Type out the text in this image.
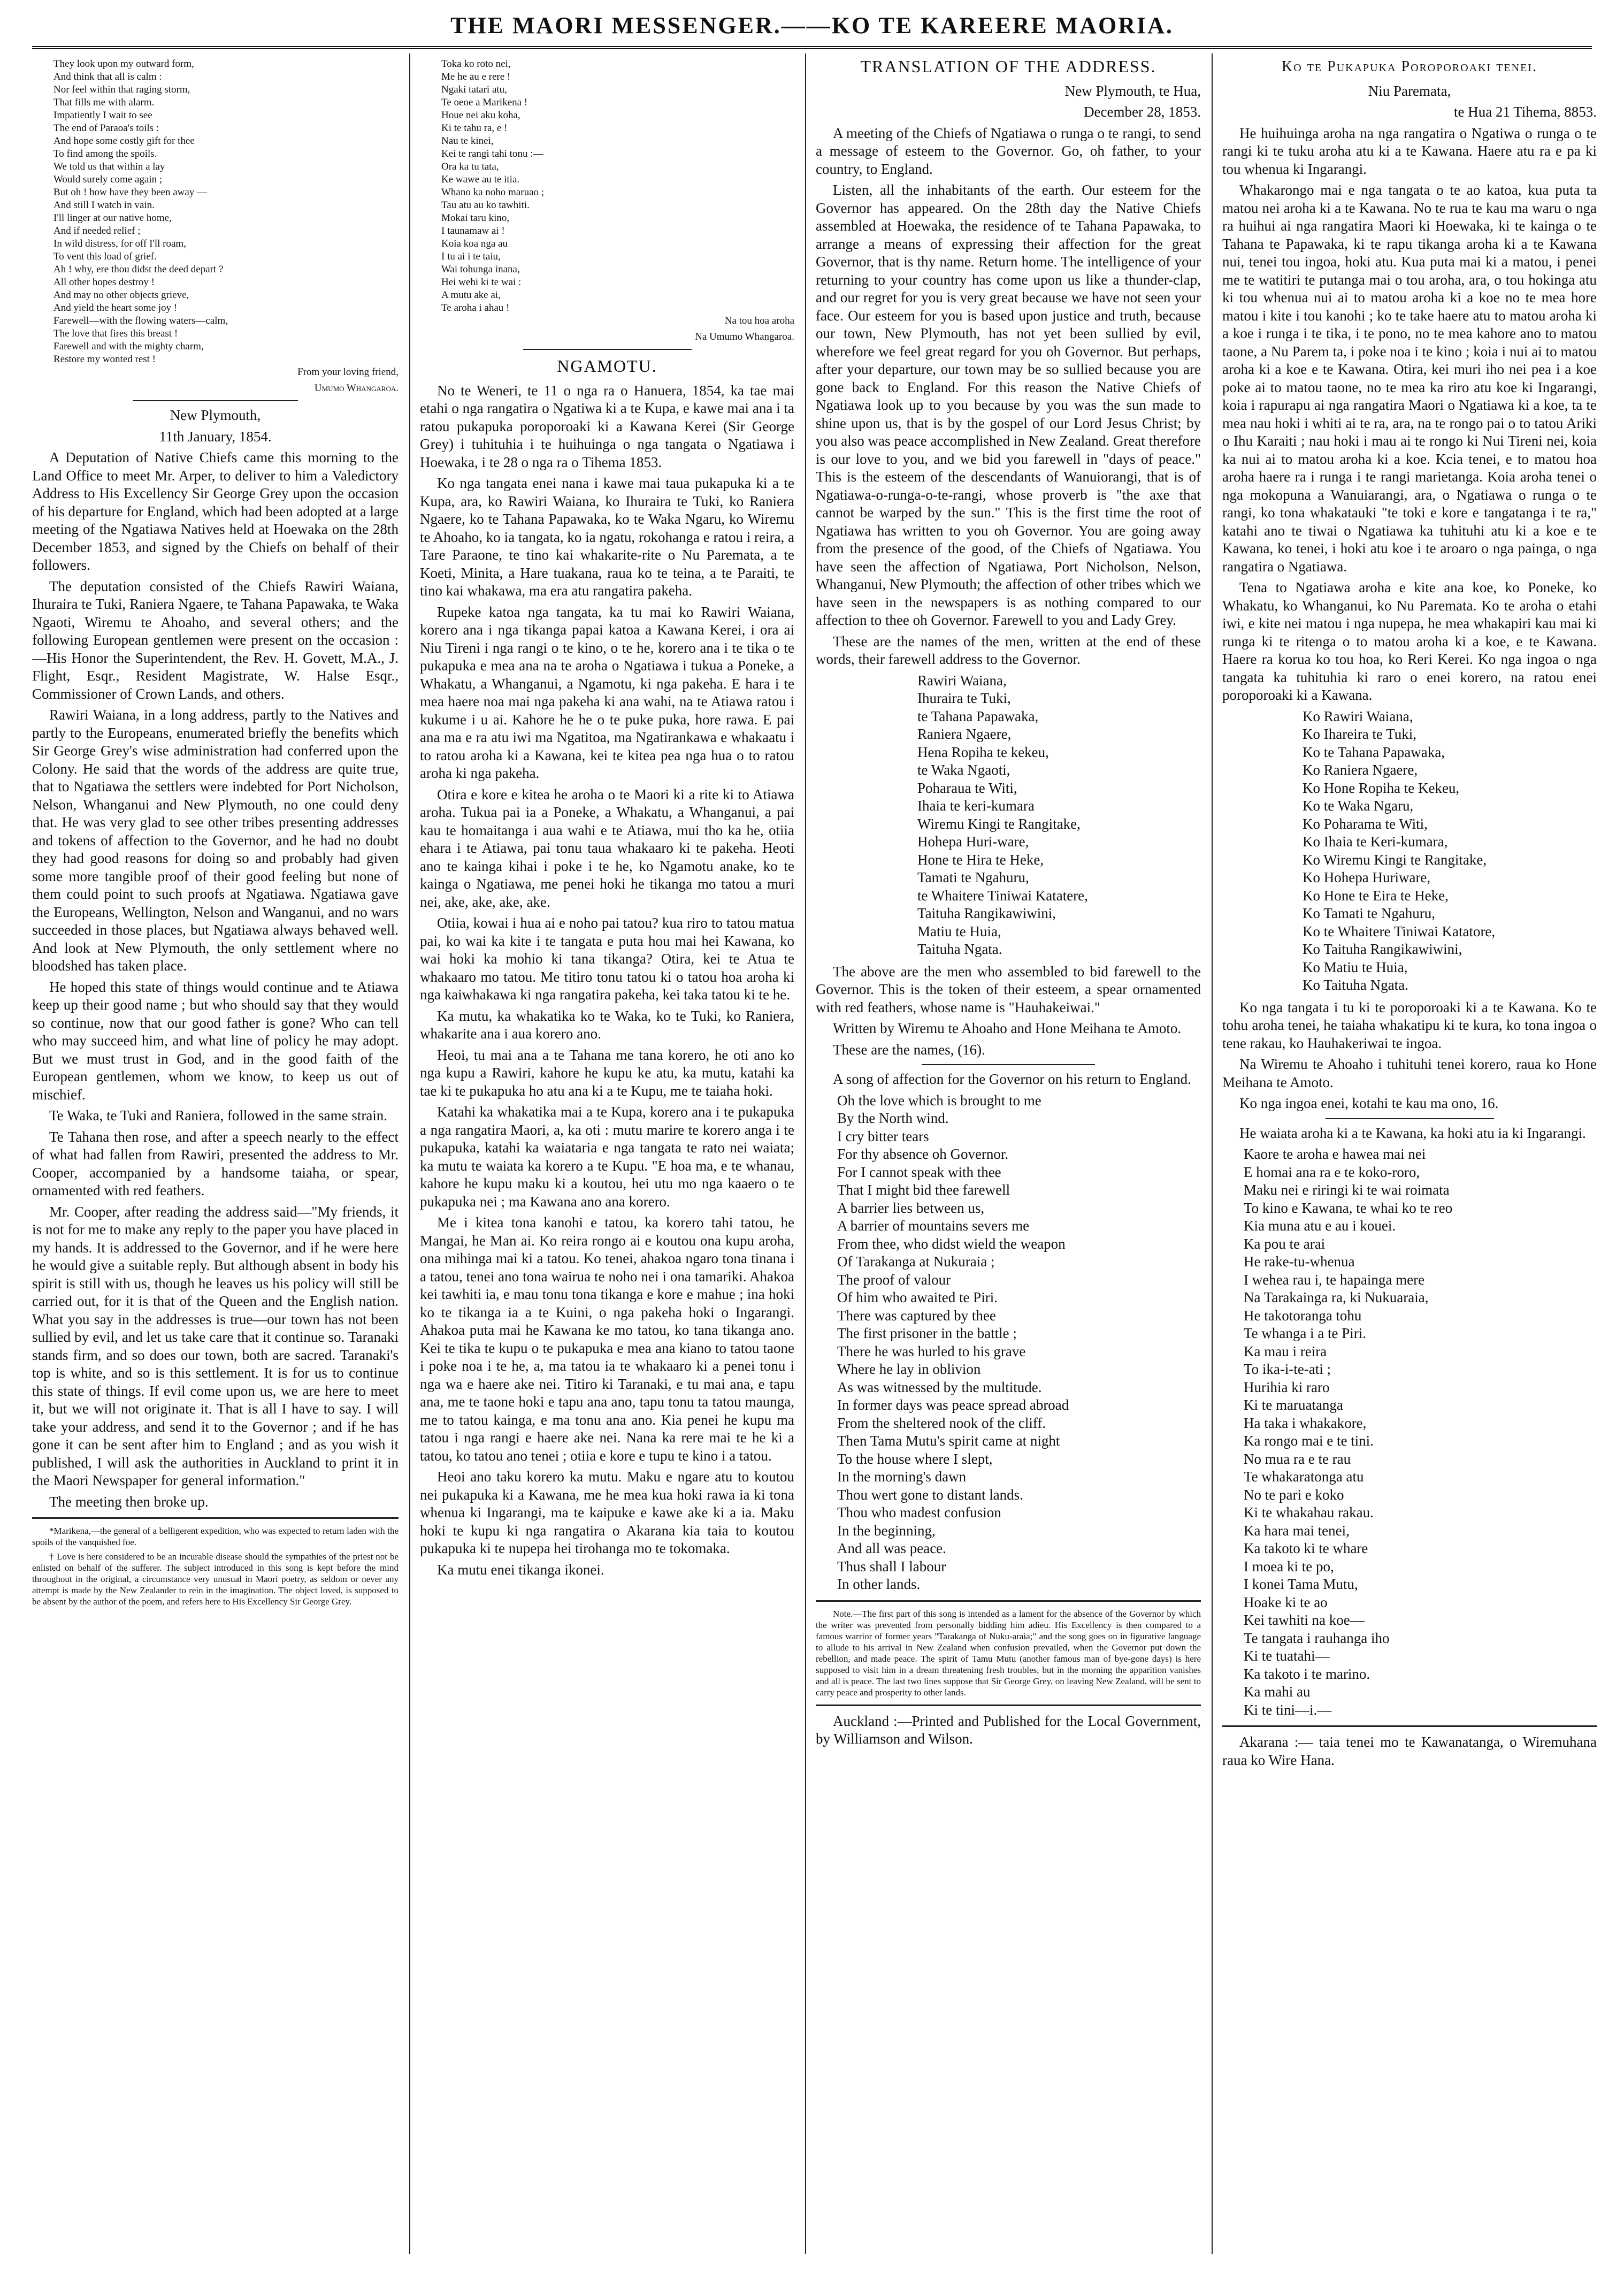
THE MAORI MESSENGER.——KO TE KAREERE MAORIA.
They look upon my outward form,
And think that all is calm :
Nor feel within that raging storm,
That fills me with alarm.
Impatiently I wait to see
The end of Paraoa's toils :
And hope some costly gift for thee
To find among the spoils.
We told us that within a lay
Would surely come again ;
But oh ! how have they been away —
And still I watch in vain.
I'll linger at our native home,
And if needed relief ;
In wild distress, for off I'll roam,
To vent this load of grief.
Ah ! why, ere thou didst the deed depart ?
All other hopes destroy !
And may no other objects grieve,
And yield the heart some joy !
Farewell—with the flowing waters—calm,
The love that fires this breast !
Farewell and with the mighty charm,
Restore my wonted rest !

From your loving friend,

Umumo Whangaroa.

New Plymouth,

11th January, 1854.

A Deputation of Native Chiefs came this morning to the Land Office to meet Mr. Arper, to deliver to him a Valedictory Address to His Excellency Sir George Grey upon the occasion of his departure for England, which had been adopted at a large meeting of the Ngatiawa Natives held at Hoewaka on the 28th December 1853, and signed by the Chiefs on behalf of their followers.

The deputation consisted of the Chiefs Rawiri Waiana, Ihuraira te Tuki, Raniera Ngaere, te Tahana Papawaka, te Waka Ngaoti, Wiremu te Ahoaho, and several others; and the following European gentlemen were present on the occasion :—His Honor the Superintendent, the Rev. H. Govett, M.A., J. Flight, Esqr., Resident Magistrate, W. Halse Esqr., Commissioner of Crown Lands, and others.

Rawiri Waiana, in a long address, partly to the Natives and partly to the Europeans, enumerated briefly the benefits which Sir George Grey's wise administration had conferred upon the Colony. He said that the words of the address are quite true, that to Ngatiawa the settlers were indebted for Port Nicholson, Nelson, Whanganui and New Plymouth, no one could deny that. He was very glad to see other tribes presenting addresses and tokens of affection to the Governor, and he had no doubt they had good reasons for doing so and probably had given some more tangible proof of their good feeling but none of them could point to such proofs at Ngatiawa. Ngatiawa gave the Europeans, Wellington, Nelson and Wanganui, and no wars succeeded in those places, but Ngatiawa always behaved well. And look at New Plymouth, the only settlement where no bloodshed has taken place.

He hoped this state of things would continue and te Atiawa keep up their good name ; but who should say that they would so continue, now that our good father is gone? Who can tell who may succeed him, and what line of policy he may adopt. But we must trust in God, and in the good faith of the European gentlemen, whom we know, to keep us out of mischief.

Te Waka, te Tuki and Raniera, followed in the same strain.

Te Tahana then rose, and after a speech nearly to the effect of what had fallen from Rawiri, presented the address to Mr. Cooper, accompanied by a handsome taiaha, or spear, ornamented with red feathers.

Mr. Cooper, after reading the address said—"My friends, it is not for me to make any reply to the paper you have placed in my hands. It is addressed to the Governor, and if he were here he would give a suitable reply. But although absent in body his spirit is still with us, though he leaves us his policy will still be carried out, for it is that of the Queen and the English nation. What you say in the addresses is true—our town has not been sullied by evil, and let us take care that it continue so. Taranaki stands firm, and so does our town, both are sacred. Taranaki's top is white, and so is this settlement. It is for us to continue this state of things. If evil come upon us, we are here to meet it, but we will not originate it. That is all I have to say. I will take your address, and send it to the Governor ; and if he has gone it can be sent after him to England ; and as you wish it published, I will ask the authorities in Auckland to print it in the Maori Newspaper for general information."

The meeting then broke up.

*Marikena,—the general of a belligerent expedition, who was expected to return laden with the spoils of the vanquished foe.

† Love is here considered to be an incurable disease should the sympathies of the priest not be enlisted on behalf of the sufferer. The subject introduced in this song is kept before the mind throughout in the original, a circumstance very unusual in Maori poetry, as seldom or never any attempt is made by the New Zealander to rein in the imagination. The object loved, is supposed to be absent by the author of the poem, and refers here to His Excellency Sir George Grey.

Toka ko roto nei,
Me he au e rere !
Ngaki tatari atu,
Te oeoe a Marikena !
Houe nei aku koha,
Ki te tahu ra, e !
Nau te kinei,
Kei te rangi tahi tonu :—
Ora ka tu tata,
Ke wawe au te itia.
Whano ka noho maruao ;
Tau atu au ko tawhiti.
Mokai taru kino,
I taunamaw ai !
Koia koa nga au
I tu ai i te taiu,
Wai tohunga inana,
Hei wehi ki te wai :
A mutu ake ai,
Te aroha i ahau !

Na tou hoa aroha

Na Umumo Whangaroa.

NGAMOTU.

No te Weneri, te 11 o nga ra o Hanuera, 1854, ka tae mai etahi o nga rangatira o Ngatiwa ki a te Kupa, e kawe mai ana i ta ratou pukapuka poroporoaki ki a Kawana Kerei (Sir George Grey) i tuhituhia i te huihuinga o nga tangata o Ngatiawa i Hoewaka, i te 28 o nga ra o Tihema 1853.

Ko nga tangata enei nana i kawe mai taua pukapuka ki a te Kupa, ara, ko Rawiri Waiana, ko Ihuraira te Tuki, ko Raniera Ngaere, ko te Tahana Papawaka, ko te Waka Ngaru, ko Wiremu te Ahoaho, ko ia tangata, ko ia ngatu, rokohanga e ratou i reira, a Tare Paraone, te tino kai whakarite-rite o Nu Paremata, a te Koeti, Minita, a Hare tuakana, raua ko te teina, a te Paraiti, te tino kai whakawa, ma era atu rangatira pakeha.

Rupeke katoa nga tangata, ka tu mai ko Rawiri Waiana, korero ana i nga tikanga papai katoa a Kawana Kerei, i ora ai Niu Tireni i nga rangi o te kino, o te he, korero ana i te tika o te pukapuka e mea ana na te aroha o Ngatiawa i tukua a Poneke, a Whakatu, a Whanganui, a Ngamotu, ki nga pakeha. E hara i te mea haere noa mai nga pakeha ki ana wahi, na te Atiawa ratou i kukume i u ai. Kahore he he o te puke puka, hore rawa. E pai ana ma e ra atu iwi ma Ngatitoa, ma Ngatirankawa e whakaatu i to ratou aroha ki a Kawana, kei te kitea pea nga hua o to ratou aroha ki nga pakeha.

Otira e kore e kitea he aroha o te Maori ki a rite ki to Atiawa aroha. Tukua pai ia a Poneke, a Whakatu, a Whanganui, a pai kau te homaitanga i aua wahi e te Atiawa, mui tho ka he, otiia ehara i te Atiawa, pai tonu taua whakaaro ki te pakeha. Heoti ano te kainga kihai i poke i te he, ko Ngamotu anake, ko te kainga o Ngatiawa, me penei hoki he tikanga mo tatou a muri nei, ake, ake, ake, ake.

Otiia, kowai i hua ai e noho pai tatou? kua riro to tatou matua pai, ko wai ka kite i te tangata e puta hou mai hei Kawana, ko wai hoki ka mohio ki tana tikanga? Otira, kei te Atua te whakaaro mo tatou. Me titiro tonu tatou ki o tatou hoa aroha ki nga kaiwhakawa ki nga rangatira pakeha, kei taka tatou ki te he.

Ka mutu, ka whakatika ko te Waka, ko te Tuki, ko Raniera, whakarite ana i aua korero ano.

Heoi, tu mai ana a te Tahana me tana korero, he oti ano ko nga kupu a Rawiri, kahore he kupu ke atu, ka mutu, katahi ka tae ki te pukapuka ho atu ana ki a te Kupu, me te taiaha hoki.

Katahi ka whakatika mai a te Kupa, korero ana i te pukapuka a nga rangatira Maori, a, ka oti : mutu marire te korero anga i te pukapuka, katahi ka waiataria e nga tangata te rato nei waiata; ka mutu te waiata ka korero a te Kupu. "E hoa ma, e te whanau, kahore he kupu maku ki a koutou, hei utu mo nga kaaero o te pukapuka nei ; ma Kawana ano ana korero.

Me i kitea tona kanohi e tatou, ka korero tahi tatou, he Mangai, he Man ai. Ko reira rongo ai e koutou ona kupu aroha, ona mihinga mai ki a tatou. Ko tenei, ahakoa ngaro tona tinana i a tatou, tenei ano tona wairua te noho nei i ona tamariki. Ahakoa kei tawhiti ia, e mau tonu tona tikanga e kore e mahue ; ina hoki ko te tikanga ia a te Kuini, o nga pakeha hoki o Ingarangi. Ahakoa puta mai he Kawana ke mo tatou, ko tana tikanga ano. Kei te tika te kupu o te pukapuka e mea ana kiano to tatou taone i poke noa i te he, a, ma tatou ia te whakaaro ki a penei tonu i nga wa e haere ake nei. Titiro ki Taranaki, e tu mai ana, e tapu ana, me te taone hoki e tapu ana ano, tapu tonu ta tatou maunga, me to tatou kainga, e ma tonu ana ano. Kia penei he kupu ma tatou i nga rangi e haere ake nei. Nana ka rere mai te he ki a tatou, ko tatou ano tenei ; otiia e kore e tupu te kino i a tatou.

Heoi ano taku korero ka mutu. Maku e ngare atu to koutou nei pukapuka ki a Kawana, me he mea kua hoki rawa ia ki tona whenua ki Ingarangi, ma te kaipuke e kawe ake ki a ia. Maku hoki te kupu ki nga rangatira o Akarana kia taia to koutou pukapuka ki te nupepa hei tirohanga mo te tokomaka.

Ka mutu enei tikanga ikonei.

TRANSLATION OF THE ADDRESS.

New Plymouth, te Hua,

December 28, 1853.

A meeting of the Chiefs of Ngatiawa o runga o te rangi, to send a message of esteem to the Governor. Go, oh father, to your country, to England.

Listen, all the inhabitants of the earth. Our esteem for the Governor has appeared. On the 28th day the Native Chiefs assembled at Hoewaka, the residence of te Tahana Papawaka, to arrange a means of expressing their affection for the great Governor, that is thy name. Return home. The intelligence of your returning to your country has come upon us like a thunder-clap, and our regret for you is very great because we have not seen your face. Our esteem for you is based upon justice and truth, because our town, New Plymouth, has not yet been sullied by evil, wherefore we feel great regard for you oh Governor. But perhaps, after your departure, our town may be so sullied because you are gone back to England. For this reason the Native Chiefs of Ngatiawa look up to you because by you was the sun made to shine upon us, that is by the gospel of our Lord Jesus Christ; by you also was peace accomplished in New Zealand. Great therefore is our love to you, and we bid you farewell in "days of peace." This is the esteem of the descendants of Wanuiorangi, that is of Ngatiawa-o-runga-o-te-rangi, whose proverb is "the axe that cannot be warped by the sun." This is the first time the root of Ngatiawa has written to you oh Governor. You are going away from the presence of the good, of the Chiefs of Ngatiawa. You have seen the affection of Ngatiawa, Port Nicholson, Nelson, Whanganui, New Plymouth; the affection of other tribes which we have seen in the newspapers is as nothing compared to our affection to thee oh Governor. Farewell to you and Lady Grey.

These are the names of the men, written at the end of these words, their farewell address to the Governor.

Rawiri Waiana,
Ihuraira te Tuki,
te Tahana Papawaka,
Raniera Ngaere,
Hena Ropiha te kekeu,
te Waka Ngaoti,
Poharaua te Witi,
Ihaia te keri-kumara
Wiremu Kingi te Rangitake,
Hohepa Huri-ware,
Hone te Hira te Heke,
Tamati te Ngahuru,
te Whaitere Tiniwai Katatere,
Taituha Rangikawiwini,
Matiu te Huia,
Taituha Ngata.

The above are the men who assembled to bid farewell to the Governor. This is the token of their esteem, a spear ornamented with red feathers, whose name is "Hauhakeiwai."

Written by Wiremu te Ahoaho and Hone Meihana te Amoto.

These are the names, (16).

A song of affection for the Governor on his return to England.

Oh the love which is brought to me
By the North wind.
I cry bitter tears
For thy absence oh Governor.
For I cannot speak with thee
That I might bid thee farewell
A barrier lies between us,
A barrier of mountains severs me
From thee, who didst wield the weapon
Of Tarakanga at Nukuraia ;
The proof of valour
Of him who awaited te Piri.
There was captured by thee
The first prisoner in the battle ;
There he was hurled to his grave
Where he lay in oblivion
As was witnessed by the multitude.
In former days was peace spread abroad
From the sheltered nook of the cliff.
Then Tama Mutu's spirit came at night
To the house where I slept,
In the morning's dawn
Thou wert gone to distant lands.
Thou who madest confusion
In the beginning,
And all was peace.
Thus shall I labour
In other lands.

Note.—The first part of this song is intended as a lament for the absence of the Governor by which the writer was prevented from personally bidding him adieu. His Excellency is then compared to a famous warrior of former years "Tarakanga of Nuku-araia;" and the song goes on in figurative language to allude to his arrival in New Zealand when confusion prevailed, when the Governor put down the rebellion, and made peace. The spirit of Tamu Mutu (another famous man of bye-gone days) is here supposed to visit him in a dream threatening fresh troubles, but in the morning the apparition vanishes and all is peace. The last two lines suppose that Sir George Grey, on leaving New Zealand, will be sent to carry peace and prosperity to other lands.

Auckland :—Printed and Published for the Local Government, by Williamson and Wilson.

Ko te Pukapuka Poroporoaki tenei.

Niu Paremata,

te Hua 21 Tihema, 8853.

He huihuinga aroha na nga rangatira o Ngatiwa o runga o te rangi ki te tuku aroha atu ki a te Kawana. Haere atu ra e pa ki tou whenua ki Ingarangi.

Whakarongo mai e nga tangata o te ao katoa, kua puta ta matou nei aroha ki a te Kawana. No te rua te kau ma waru o nga ra huihui ai nga rangatira Maori ki Hoewaka, ki te kainga o te Tahana te Papawaka, ki te rapu tikanga aroha ki a te Kawana nui, tenei tou ingoa, hoki atu. Kua puta mai ki a matou, i penei me te watitiri te putanga mai o tou aroha, ara, o tou hokinga atu ki tou whenua nui ai to matou aroha ki a koe no te mea hore matou i kite i tou kanohi ; ko te take haere atu to matou aroha ki a koe i runga i te tika, i te pono, no te mea kahore ano to matou taone, a Nu Parem ta, i poke noa i te kino ; koia i nui ai to matou aroha ki a koe e te Kawana. Otira, kei muri iho nei pea i a koe poke ai to matou taone, no te mea ka riro atu koe ki Ingarangi, koia i rapurapu ai nga rangatira Maori o Ngatiawa ki a koe, ta te mea nau hoki i whiti ai te ra, ara, na te rongo pai o to tatou Ariki o Ihu Karaiti ; nau hoki i mau ai te rongo ki Nui Tireni nei, koia ka nui ai to matou aroha ki a koe. Kcia tenei, e to matou hoa aroha haere ra i runga i te rangi marietanga. Koia aroha tenei o nga mokopuna a Wanuiarangi, ara, o Ngatiawa o runga o te rangi, ko tona whakatauki "te toki e kore e tangatanga i te ra," katahi ano te tiwai o Ngatiawa ka tuhituhi atu ki a koe e te Kawana, ko tenei, i hoki atu koe i te aroaro o nga painga, o nga rangatira o Ngatiawa.

Tena to Ngatiawa aroha e kite ana koe, ko Poneke, ko Whakatu, ko Whanganui, ko Nu Paremata. Ko te aroha o etahi iwi, e kite nei matou i nga nupepa, he mea whakapiri kau mai ki runga ki te ritenga o to matou aroha ki a koe, e te Kawana. Haere ra korua ko tou hoa, ko Reri Kerei. Ko nga ingoa o nga tangata ka tuhituhia ki raro o enei korero, na ratou enei poroporoaki ki a Kawana.

Ko Rawiri Waiana,
Ko Ihareira te Tuki,
Ko te Tahana Papawaka,
Ko Raniera Ngaere,
Ko Hone Ropiha te Kekeu,
Ko te Waka Ngaru,
Ko Poharama te Witi,
Ko Ihaia te Keri-kumara,
Ko Wiremu Kingi te Rangitake,
Ko Hohepa Huriware,
Ko Hone te Eira te Heke,
Ko Tamati te Ngahuru,
Ko te Whaitere Tiniwai Katatore,
Ko Taituha Rangikawiwini,
Ko Matiu te Huia,
Ko Taituha Ngata.

Ko nga tangata i tu ki te poroporoaki ki a te Kawana. Ko te tohu aroha tenei, he taiaha whakatipu ki te kura, ko tona ingoa o tene rakau, ko Hauhakeriwai te ingoa.

Na Wiremu te Ahoaho i tuhituhi tenei korero, raua ko Hone Meihana te Amoto.

Ko nga ingoa enei, kotahi te kau ma ono, 16.

He waiata aroha ki a te Kawana, ka hoki atu ia ki Ingarangi.

Kaore te aroha e hawea mai nei
E homai ana ra e te koko-roro,
Maku nei e riringi ki te wai roimata
To kino e Kawana, te whai ko te reo
Kia muna atu e au i kouei.
Ka pou te arai
He rake-tu-whenua
I wehea rau i, te hapainga mere
Na Tarakainga ra, ki Nukuaraia,
He takotoranga tohu
Te whanga i a te Piri.
Ka mau i reira
To ika-i-te-ati ;
Hurihia ki raro
Ki te maruatanga
Ha taka i whakakore,
Ka rongo mai e te tini.
No mua ra e te rau
Te whakaratonga atu
No te pari e koko
Ki te whakahau rakau.
Ka hara mai tenei,
Ka takoto ki te whare
I moea ki te po,
I konei Tama Mutu,
Hoake ki te ao
Kei tawhiti na koe—
Te tangata i rauhanga iho
Ki te tuatahi—
Ka takoto i te marino.
Ka mahi au
Ki te tini—i.—

Akarana :— taia tenei mo te Kawanatanga, o Wiremuhana raua ko Wire Hana.
